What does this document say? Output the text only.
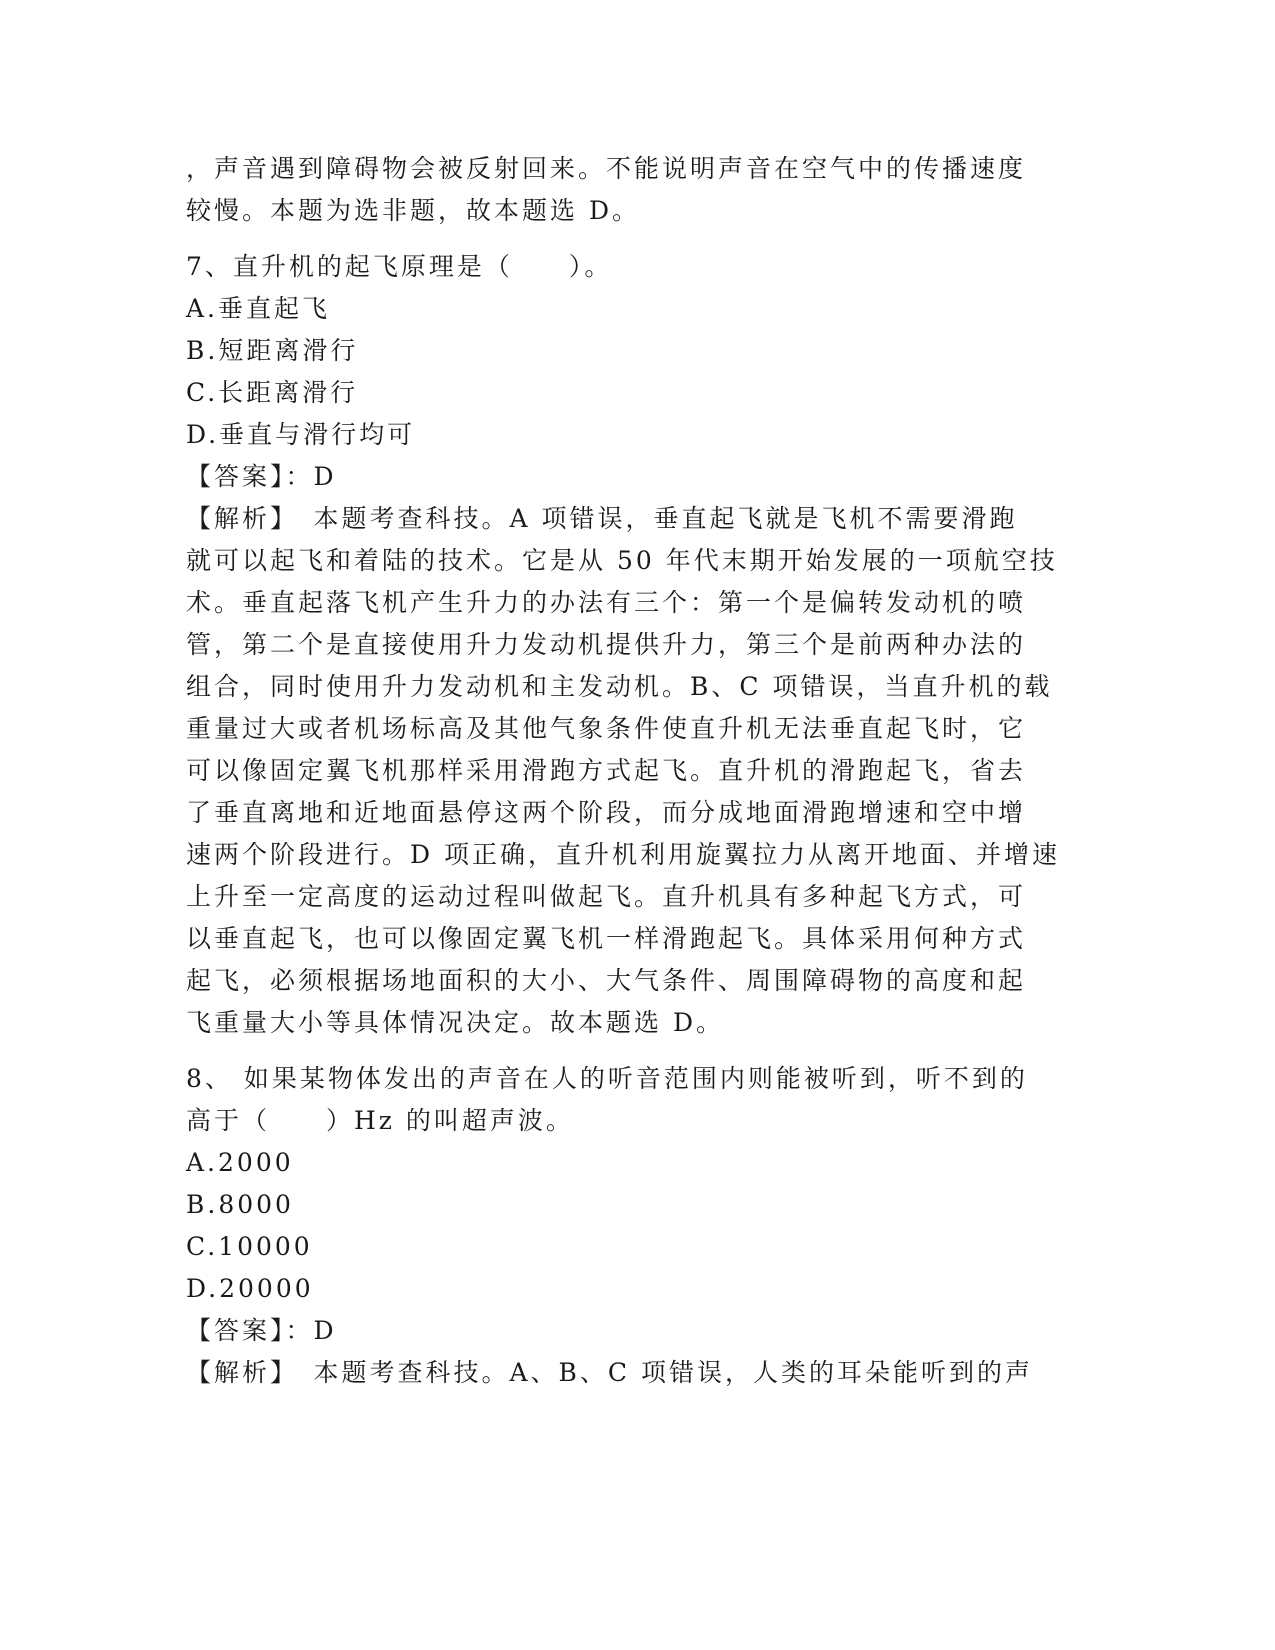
，声音遇到障碍物会被反射回来。不能说明声音在空气中的传播速度
较慢。本题为选非题，故本题选 D。
7、直升机的起飞原理是（　　）。
A.垂直起飞
B.短距离滑行
C.长距离滑行
D.垂直与滑行均可
【答案】：D
【解析】　本题考查科技。A 项错误，垂直起飞就是飞机不需要滑跑
就可以起飞和着陆的技术。它是从 50 年代末期开始发展的一项航空技
术。垂直起落飞机产生升力的办法有三个：第一个是偏转发动机的喷
管，第二个是直接使用升力发动机提供升力，第三个是前两种办法的
组合，同时使用升力发动机和主发动机。B、C 项错误，当直升机的载
重量过大或者机场标高及其他气象条件使直升机无法垂直起飞时，它
可以像固定翼飞机那样采用滑跑方式起飞。直升机的滑跑起飞，省去
了垂直离地和近地面悬停这两个阶段，而分成地面滑跑增速和空中增
速两个阶段进行。D 项正确，直升机利用旋翼拉力从离开地面、并增速
上升至一定高度的运动过程叫做起飞。直升机具有多种起飞方式，可
以垂直起飞，也可以像固定翼飞机一样滑跑起飞。具体采用何种方式
起飞，必须根据场地面积的大小、大气条件、周围障碍物的高度和起
飞重量大小等具体情况决定。故本题选 D。
8、 如果某物体发出的声音在人的听音范围内则能被听到，听不到的
高于（　　）Hz 的叫超声波。
A.2000
B.8000
C.10000
D.20000
【答案】：D
【解析】　本题考查科技。A、B、C 项错误，人类的耳朵能听到的声
